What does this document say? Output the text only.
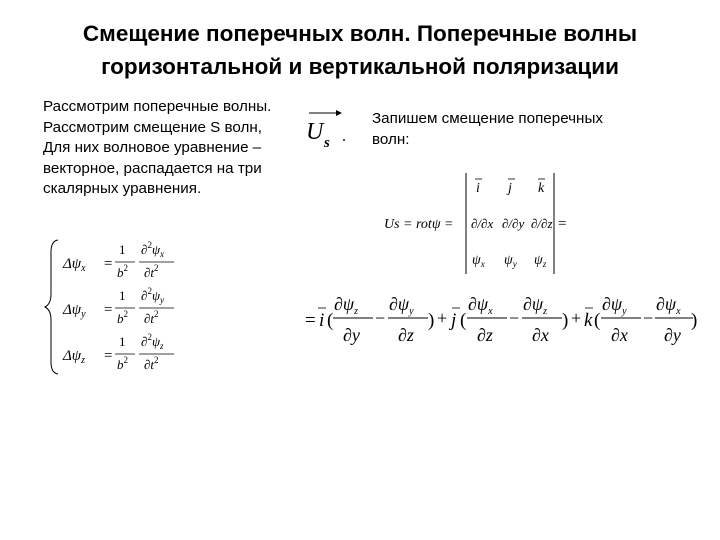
Смещение поперечных волн. Поперечные волны
горизонтальной и вертикальной поляризации
Рассмотрим поперечные волны.
Рассмотрим смещение S волн,
Для них волновое уравнение –
векторное, распадается на три
скалярных уравнения.
U s .
Запишем смещение поперечных
волн:
$\Delta\psi_x$ =
1
$b^2$
$\partial^2\psi_x$
$\partial t^2$
$\Delta\psi_y$ =
1
$b^2$
$\partial^2\psi_y$
$\partial t^2$
$\Delta\psi_z$ =
1
$b^2$
$\partial^2\psi_z$
$\partial t^2$
Us = rotψ =
i j k
∂/∂x ∂/∂y ∂/∂z
$\psi_x$ $\psi_y$ $\psi_z$
=
= i (
$\partial\psi_z$
∂y
−
$\partial\psi_y$
∂z
) + j (
$\partial\psi_x$
∂z
−
$\partial\psi_z$
∂x
) + k (
$\partial\psi_y$
∂x
−
$\partial\psi_x$
∂y
)
